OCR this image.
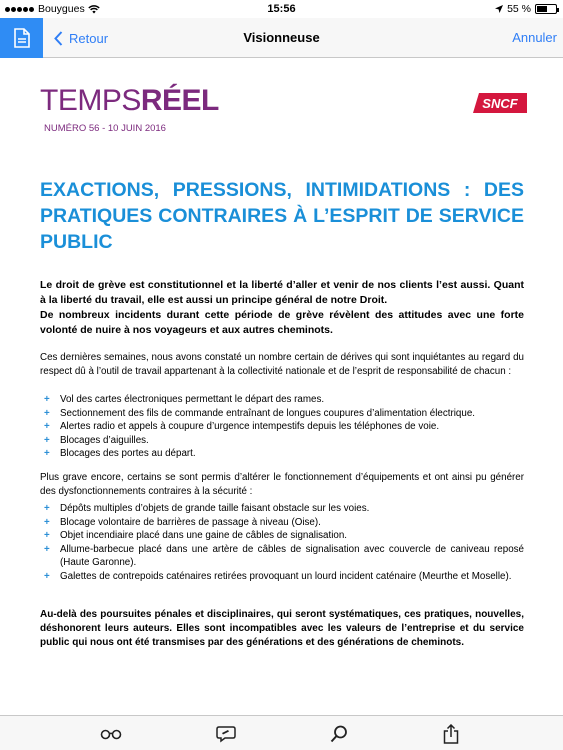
Bouygues	15:56	55 %
Retour	Visionneuse	Annuler
TEMPSRÉEL
NUMÉRO 56 - 10 JUIN 2016
SNCF
EXACTIONS, PRESSIONS, INTIMIDATIONS : DES PRATIQUES CONTRAIRES À L’ESPRIT DE SERVICE PUBLIC

Le droit de grève est constitutionnel et la liberté d’aller et venir de nos clients l’est aussi. Quant à la liberté du travail, elle est aussi un principe général de notre Droit.

De nombreux incidents durant cette période de grève révèlent des attitudes avec une forte volonté de nuire à nos voyageurs et aux autres cheminots.

Ces dernières semaines, nous avons constaté un nombre certain de dérives qui sont inquiétantes au regard du respect dû à l’outil de travail appartenant à la collectivité nationale et de l’esprit de responsabilité de chacun :
+ Vol des cartes électroniques permettant le départ des rames.
+ Sectionnement des fils de commande entraînant de longues coupures d’alimentation électrique.
+ Alertes radio et appels à coupure d’urgence intempestifs depuis les téléphones de voie.
+ Blocages d’aiguilles.
+ Blocages des portes au départ.
Plus grave encore, certains se sont permis d’altérer le fonctionnement d’équipements et ont ainsi pu générer des dysfonctionnements contraires à la sécurité :
+ Dépôts multiples d’objets de grande taille faisant obstacle sur les voies.
+ Blocage volontaire de barrières de passage à niveau (Oise).
+ Objet incendiaire placé dans une gaine de câbles de signalisation.
+ Allume-barbecue placé dans une artère de câbles de signalisation avec couvercle de caniveau reposé (Haute Garonne).
+ Galettes de contrepoids caténaires retirées provoquant un lourd incident caténaire (Meurthe et Moselle).
Au-delà des poursuites pénales et disciplinaires, qui seront systématiques, ces pratiques, nouvelles, déshonorent leurs auteurs. Elles sont incompatibles avec les valeurs de l’entreprise et du service public qui nous ont été transmises par des générations et des générations de cheminots.
